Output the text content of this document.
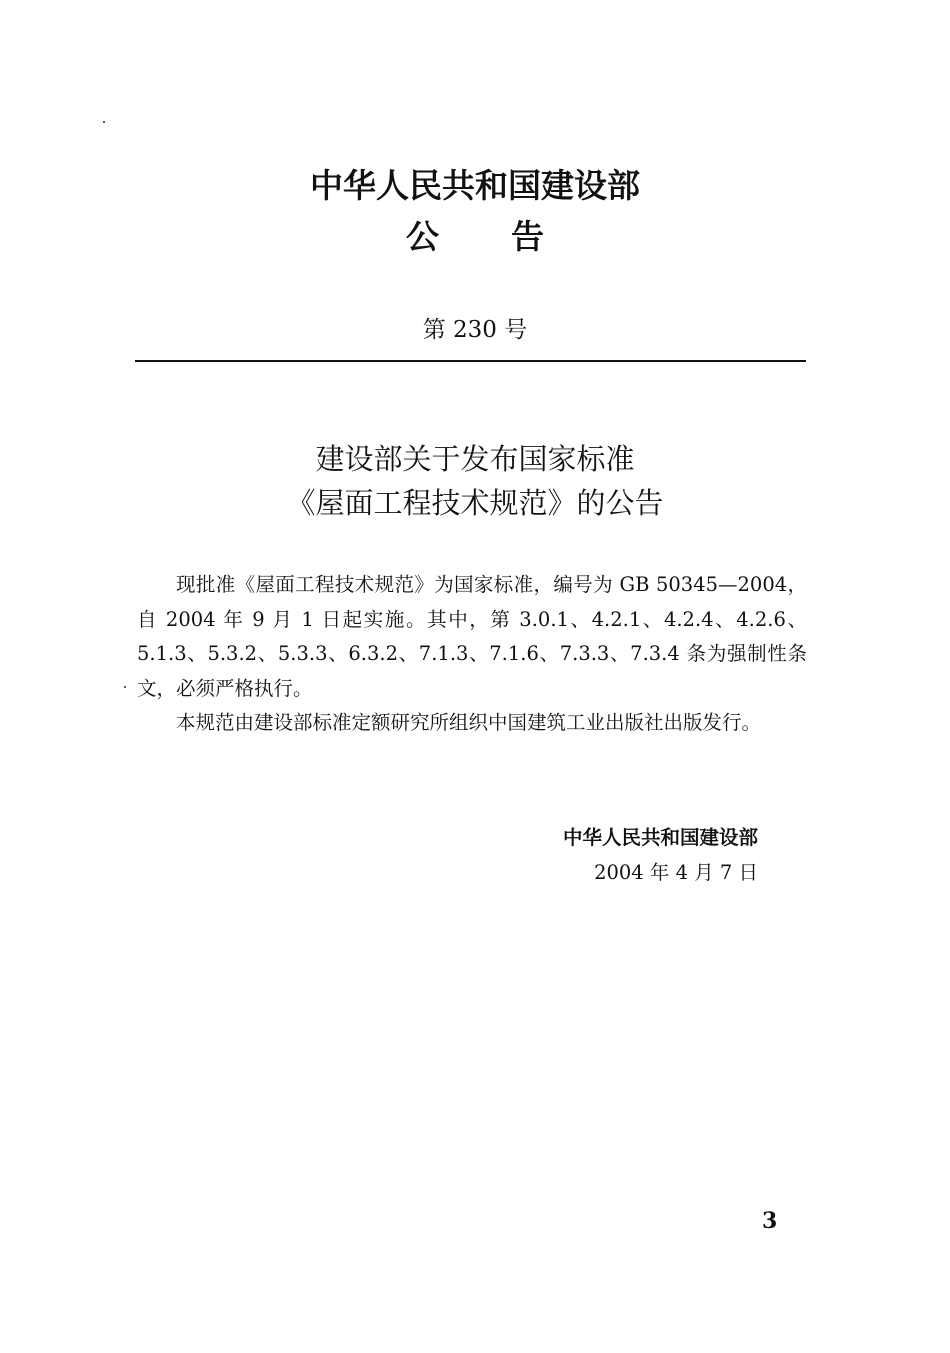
中华人民共和国建设部
公告
第 230 号
建设部关于发布国家标准
《屋面工程技术规范》的公告

现批准《屋面工程技术规范》为国家标准，编号为 GB 50345—2004，自 2004 年 9 月 1 日起实施。其中，第 3.0.1、4.2.1、4.2.4、4.2.6、5.1.3、5.3.2、5.3.3、6.3.2、7.1.3、7.1.6、7.3.3、7.3.4 条为强制性条文，必须严格执行。

本规范由建设部标准定额研究所组织中国建筑工业出版社出版发行。

中华人民共和国建设部
2004 年 4 月 7 日
3
